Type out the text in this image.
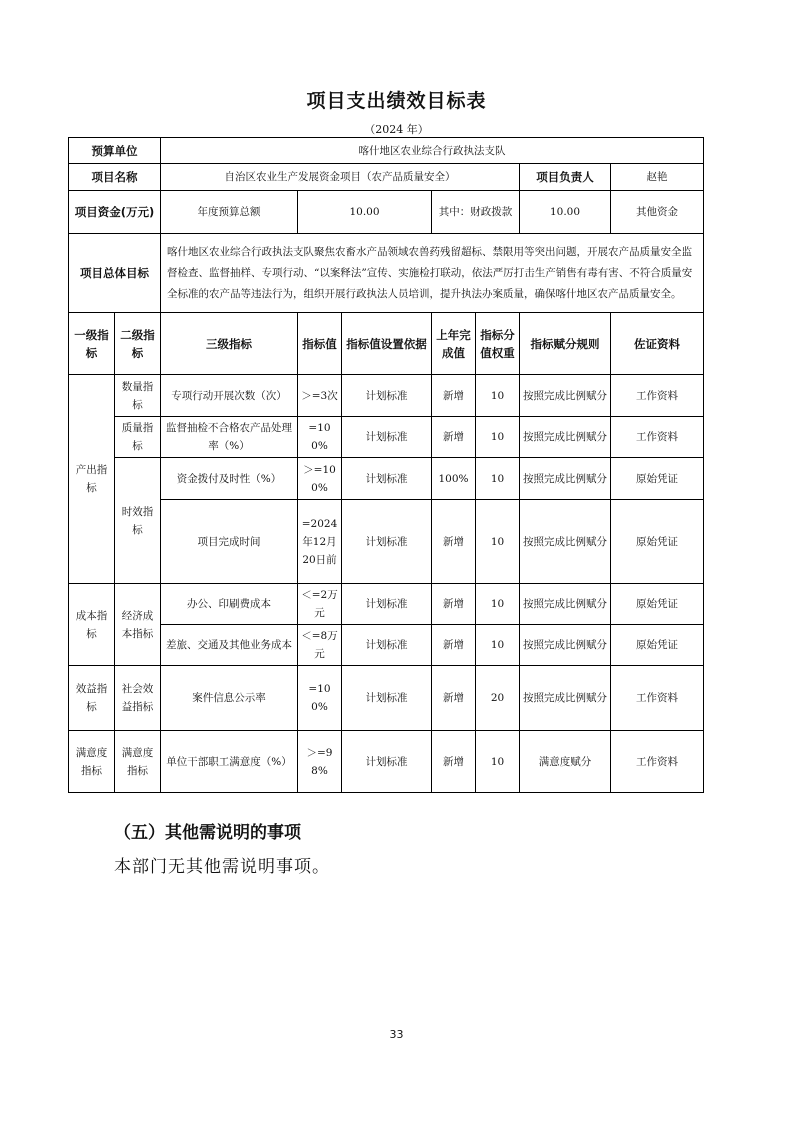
项目支出绩效目标表
（2024 年）
预算单位		喀什地区农业综合行政执法支队						
项目名称		自治区农业生产发展资金项目（农产品质量安全）					项目负责人	赵艳
项目资金(万元)		年度预算总额	10.00		其中：财政拨款		10.00	其他资金
项目总体目标		喀什地区农业综合行政执法支队聚焦农畜水产品领域农兽药残留超标、禁限用等突出问题，开展农产品质量安全监督检查、监督抽样、专项行动、“以案释法”宣传、实施检打联动，依法严厉打击生产销售有毒有害、不符合质量安全标准的农产品等违法行为，组织开展行政执法人员培训，提升执法办案质量，确保喀什地区农产品质量安全。						
一级指标	二级指标	三级指标	指标值	指标值设置依据	上年完成值	指标分值权重	指标赋分规则	佐证资料
产出指标	数量指标	专项行动开展次数（次）	＞=3次	计划标准	新增	10	按照完成比例赋分	工作资料
	质量指标	监督抽检不合格农产品处理率（%）	=100%	计划标准	新增	10	按照完成比例赋分	工作资料
	时效指标	资金拨付及时性（%）	＞=100%	计划标准	100%	10	按照完成比例赋分	原始凭证
		项目完成时间	=2024年12月20日前	计划标准	新增	10	按照完成比例赋分	原始凭证
成本指标	经济成本指标	办公、印刷费成本	＜=2万元	计划标准	新增	10	按照完成比例赋分	原始凭证
		差旅、交通及其他业务成本	＜=8万元	计划标准	新增	10	按照完成比例赋分	原始凭证
效益指标	社会效益指标	案件信息公示率	=100%	计划标准	新增	20	按照完成比例赋分	工作资料
满意度指标	满意度指标	单位干部职工满意度（%）	＞=98%	计划标准	新增	10	满意度赋分	工作资料
（五）其他需说明的事项
本部门无其他需说明事项。
33
